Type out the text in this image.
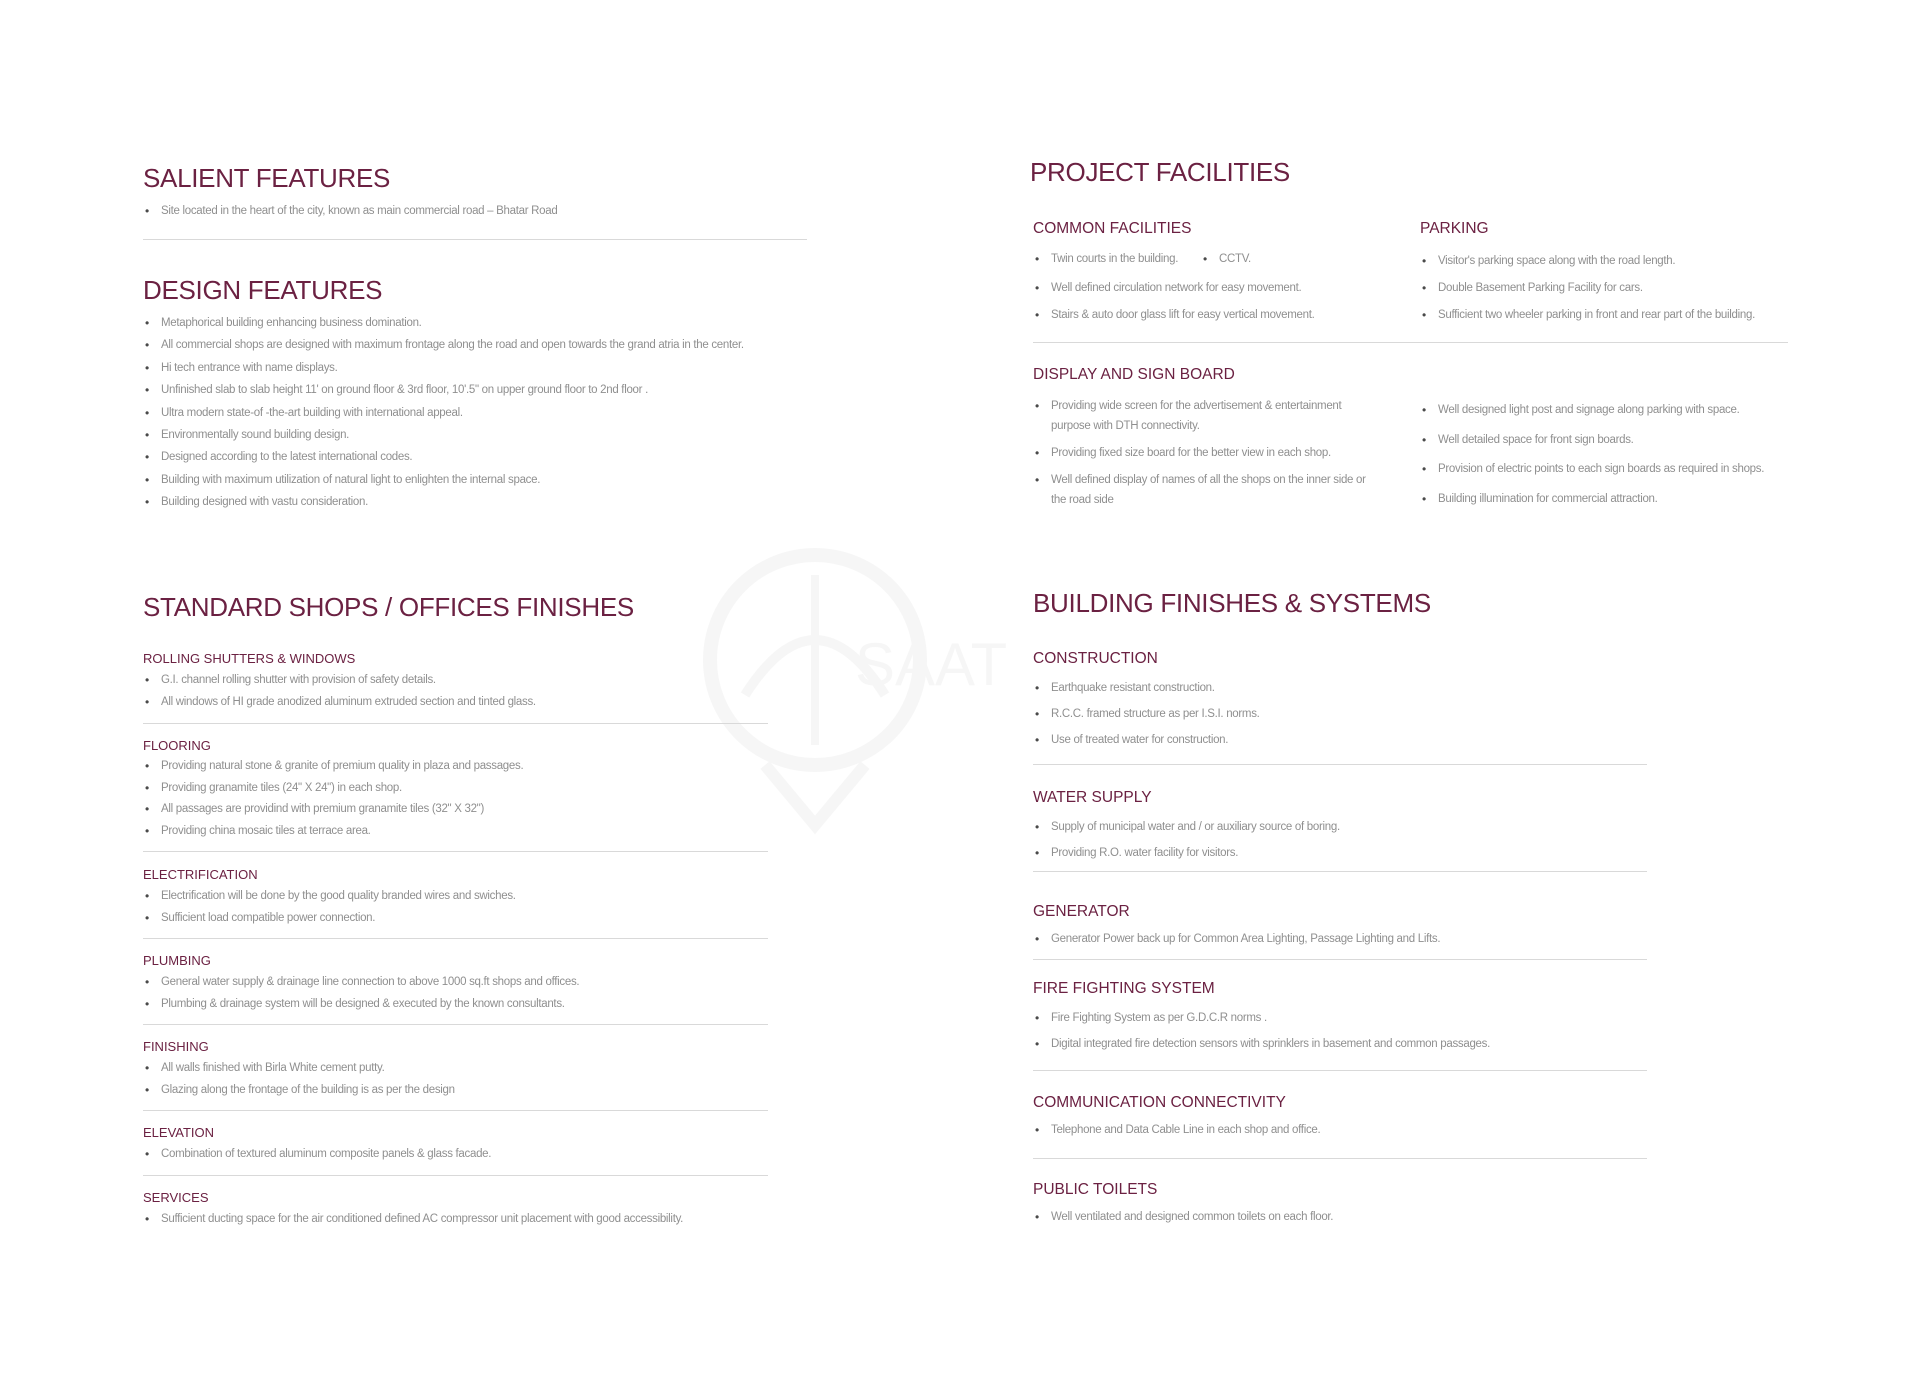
SAAT
SALIENT FEATURES
• Site located in the heart of the city, known as main commercial road – Bhatar Road
DESIGN FEATURES
• Metaphorical building enhancing business domination.
• All commercial shops are designed with maximum frontage along the road and open towards the grand atria in the center.
• Hi tech entrance with name displays.
• Unfinished slab to slab height 11' on ground floor & 3rd floor, 10'.5" on upper ground floor to 2nd floor .
• Ultra modern state-of -the-art building with international appeal.
• Environmentally sound building design.
• Designed according to the latest international codes.
• Building with maximum utilization of natural light to enlighten the internal space.
• Building designed with vastu consideration.
STANDARD SHOPS / OFFICES FINISHES
ROLLING SHUTTERS & WINDOWS
• G.I. channel rolling shutter with provision of safety details.
• All windows of HI grade anodized aluminum extruded section and tinted glass.
FLOORING
• Providing natural stone & granite of premium quality in plaza and passages.
• Providing granamite tiles (24" X 24") in each shop.
• All passages are providind with premium granamite tiles (32" X 32")
• Providing china mosaic tiles at terrace area.
ELECTRIFICATION
• Electrification will be done by the good quality branded wires and swiches.
• Sufficient load compatible power connection.
PLUMBING
• General water supply & drainage line connection to above 1000 sq.ft shops and offices.
• Plumbing & drainage system will be designed & executed by the known consultants.
FINISHING
• All walls finished with Birla White cement putty.
• Glazing along the frontage of the building is as per the design
ELEVATION
• Combination of textured aluminum composite panels & glass facade.
SERVICES
• Sufficient ducting space for the air conditioned defined AC compressor unit placement with good accessibility.
PROJECT FACILITIES
COMMON FACILITIES
• Twin courts in the building.
•	CCTV.
• Well defined circulation network for easy movement.
• Stairs & auto door glass lift for easy vertical movement.
PARKING
• Visitor's parking space along with the road length.
• Double Basement Parking Facility for cars.
• Sufficient two wheeler parking in front and rear part of the building.
DISPLAY AND SIGN BOARD
• Providing wide screen for the advertisement & entertainment purpose with DTH connectivity.
• Providing fixed size board for the better view in each shop.
• Well defined display of names of all the shops on the inner side or the road side
• Well designed light post and signage along parking with space.
• Well detailed space for front sign boards.
• Provision of electric points to each sign boards as required in shops.
• Building illumination for commercial attraction.
BUILDING FINISHES & SYSTEMS
CONSTRUCTION
• Earthquake resistant construction.
• R.C.C. framed structure as per I.S.I. norms.
• Use of treated water for construction.
WATER SUPPLY
• Supply of municipal water and / or auxiliary source of boring.
• Providing R.O. water facility for visitors.
GENERATOR
• Generator Power back up for Common Area Lighting, Passage Lighting and Lifts.
FIRE FIGHTING SYSTEM
• Fire Fighting System as per G.D.C.R norms .
• Digital integrated fire detection sensors with sprinklers in basement and common passages.
COMMUNICATION CONNECTIVITY
• Telephone and Data Cable Line in each shop and office.
PUBLIC TOILETS
• Well ventilated and designed common toilets on each floor.
